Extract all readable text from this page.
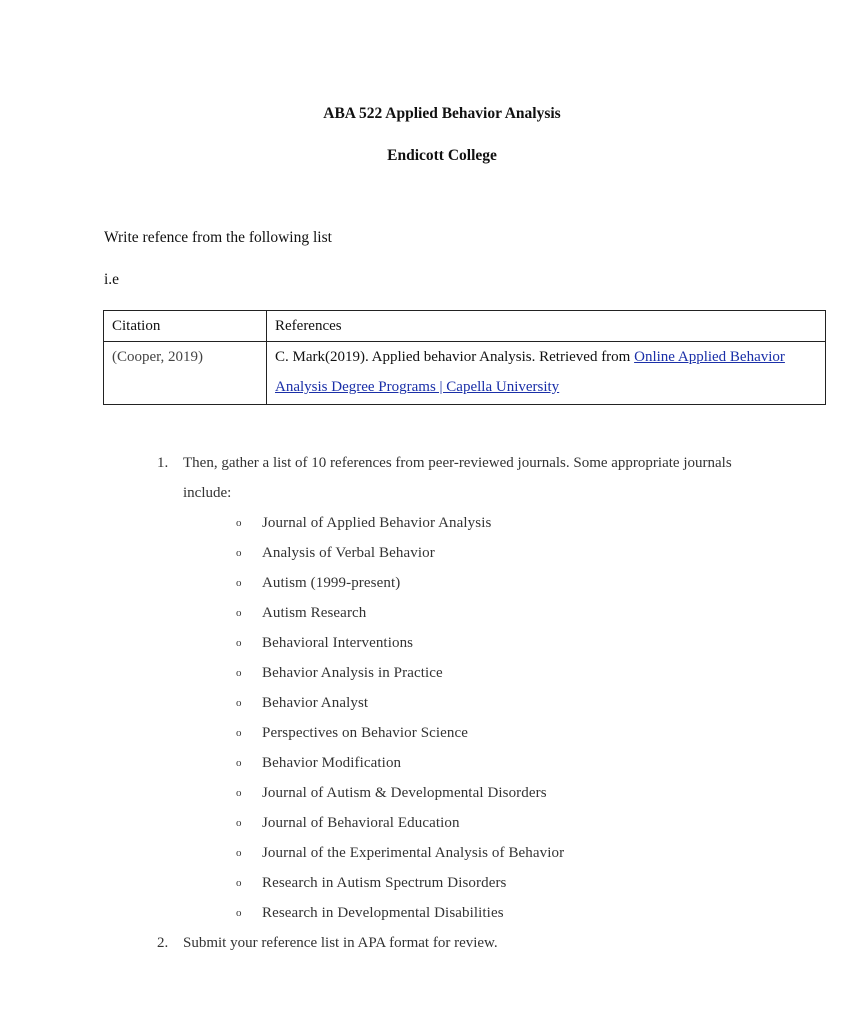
ABA 522 Applied Behavior Analysis
Endicott College
Write refence from the following list
i.e
Citation	References
(Cooper, 2019)	C. Mark(2019). Applied behavior Analysis. Retrieved from Online Applied Behavior Analysis Degree Programs | Capella University
1. Then, gather a list of 10 references from peer-reviewed journals. Some appropriate journals include:
o Journal of Applied Behavior Analysis
o Analysis of Verbal Behavior
o Autism (1999-present)
o Autism Research
o Behavioral Interventions
o Behavior Analysis in Practice
o Behavior Analyst
o Perspectives on Behavior Science
o Behavior Modification
o Journal of Autism & Developmental Disorders
o Journal of Behavioral Education
o Journal of the Experimental Analysis of Behavior
o Research in Autism Spectrum Disorders
o Research in Developmental Disabilities
2. Submit your reference list in APA format for review.
